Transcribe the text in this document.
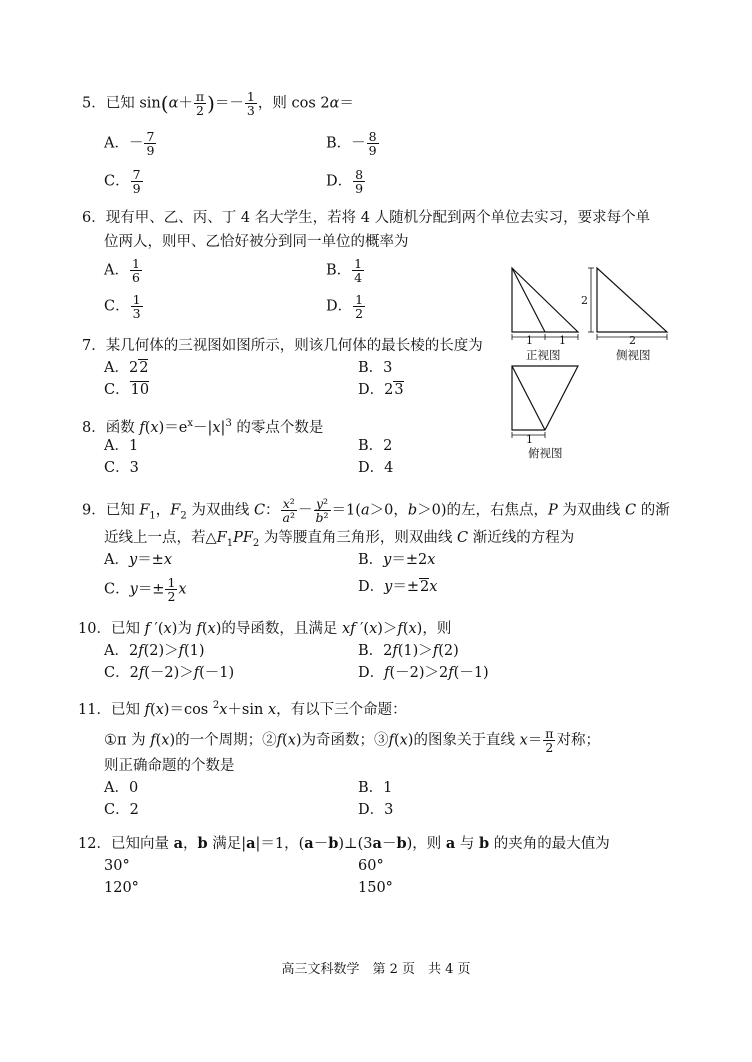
5．已知 $\sin(\alpha+ \frac{\pi}{2}$ )＝－ $\frac{1}{3}$ ，则 cos 2α＝
A．－ $\frac{7}{9}$	B．－ $\frac{8}{9}$
C． $\frac{7}{9}$	D． $\frac{8}{9}$
6．现有甲、乙、丙、丁 4 名大学生，若将 4 人随机分配到两个单位去实习，要求每个单
位两人，则甲、乙恰好被分到同一单位的概率为
A． $\frac{1}{6}$	B． $\frac{1}{4}$
C． $\frac{1}{3}$	D． $\frac{1}{2}$
7．某几何体的三视图如图所示，则该几何体的最长棱的长度为
A．22	B．3
C．10	D．23
8．函数 $f(x)=e^x-|x|^3$ 的零点个数是
A．1	B．2
C．3	D．4
9．已知 $F_1$，$F_2$ 为双曲线 C： $\frac{\text{x²}}{\text{a²}} - \frac{\text{y²}}{\text{b²}} =1(a>0$，b＞0)的左，右焦点，P 为双曲线 C 的渐
近线上一点，若$\triangle F_1PF_2$ 为等腰直角三角形，则双曲线 C 渐近线的方程为
A．y＝±x	B．y＝±2x
C．$y=\pm \frac{1}{2}$ x	D．y＝±2x
10．已知 f ′(x)为 f(x)的导函数，且满足 xf ′(x)＞f(x)，则
A．2f(2)＞f(1)	B．2f(1)＞f(2)
C．2f(－2)＞f(－1)	D．f(－2)＞2f(－1)
11．已知 f(x)＝cos $^2$x＋sin x，有以下三个命题：
①π 为 f(x)的一个周期；②f(x)为奇函数；③f(x)的图象关于直线 $x= \frac{\pi}{2}$ 对称；
则正确命题的个数是
A．0	B．1
C．2	D．3
12．已知向量 a，b 满足|a|＝1，(a－b)⊥(3a－b)，则 a 与 b 的夹角的最大值为
30°	60°
120°	150°
1 1
2
2
1
正视图	侧视图
俯视图
高三文科数学　第 2 页　共 4 页
